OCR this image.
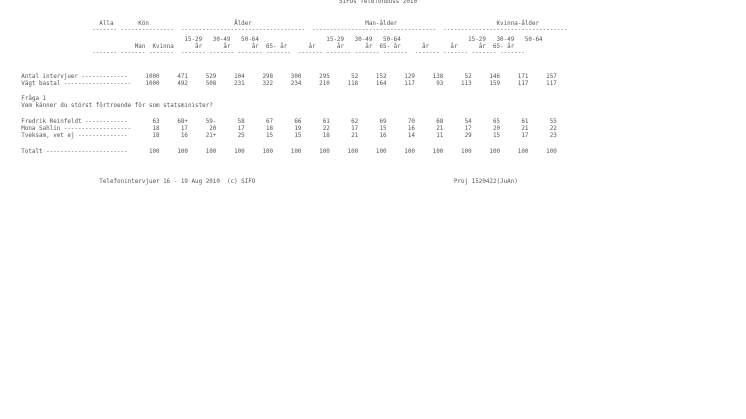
SIFOs Telefonbuss 2010
Alla       Kön                        Ålder                                Man-ålder                            Kvinna-ålder
------- ---------------  -----------------------------------  -----------------------------------  -----------------------------------
15-29   30-49   50-64                   15-29   30-49   50-64                   15-29   30-49   50-64
Man  Kvinna      år      år      år  65- år      år      år      år  65- år      år      år      år  65- år
------- ------- -------  ------- ------- ------- -------  ------- ------- ------- -------  ------- ------- ------- -------
Antal intervjuer -------------     1000     471     529     104     298     300     295      52     152     129     138      52     146     171     157
Vägt bastal -------------------    1000     492     508     231     322     234     210     118     164     117      93     113     159     117     117
Fråga 1
Vem känner du störst förtroende för som statsminister?
Fredrik Reinfeldt ------------       63     68+     59-      58      67      66      61      62      69      70      68      54      65      61      55
Mona Sahlin -------------------      18      17      20      17      18      19      22      17      15      16      21      17      20      21      22
Tveksam, vet ej --------------       18      16     21+      25      15      15      18      21      16      14      11      29      15      17      23
Totalt -----------------------      100     100     100     100     100     100     100     100     100     100     100     100     100     100     100
Telefonintervjuer 16 - 19 Aug 2010  (c) SIFO                                                        Proj 1520422(JuAn)
